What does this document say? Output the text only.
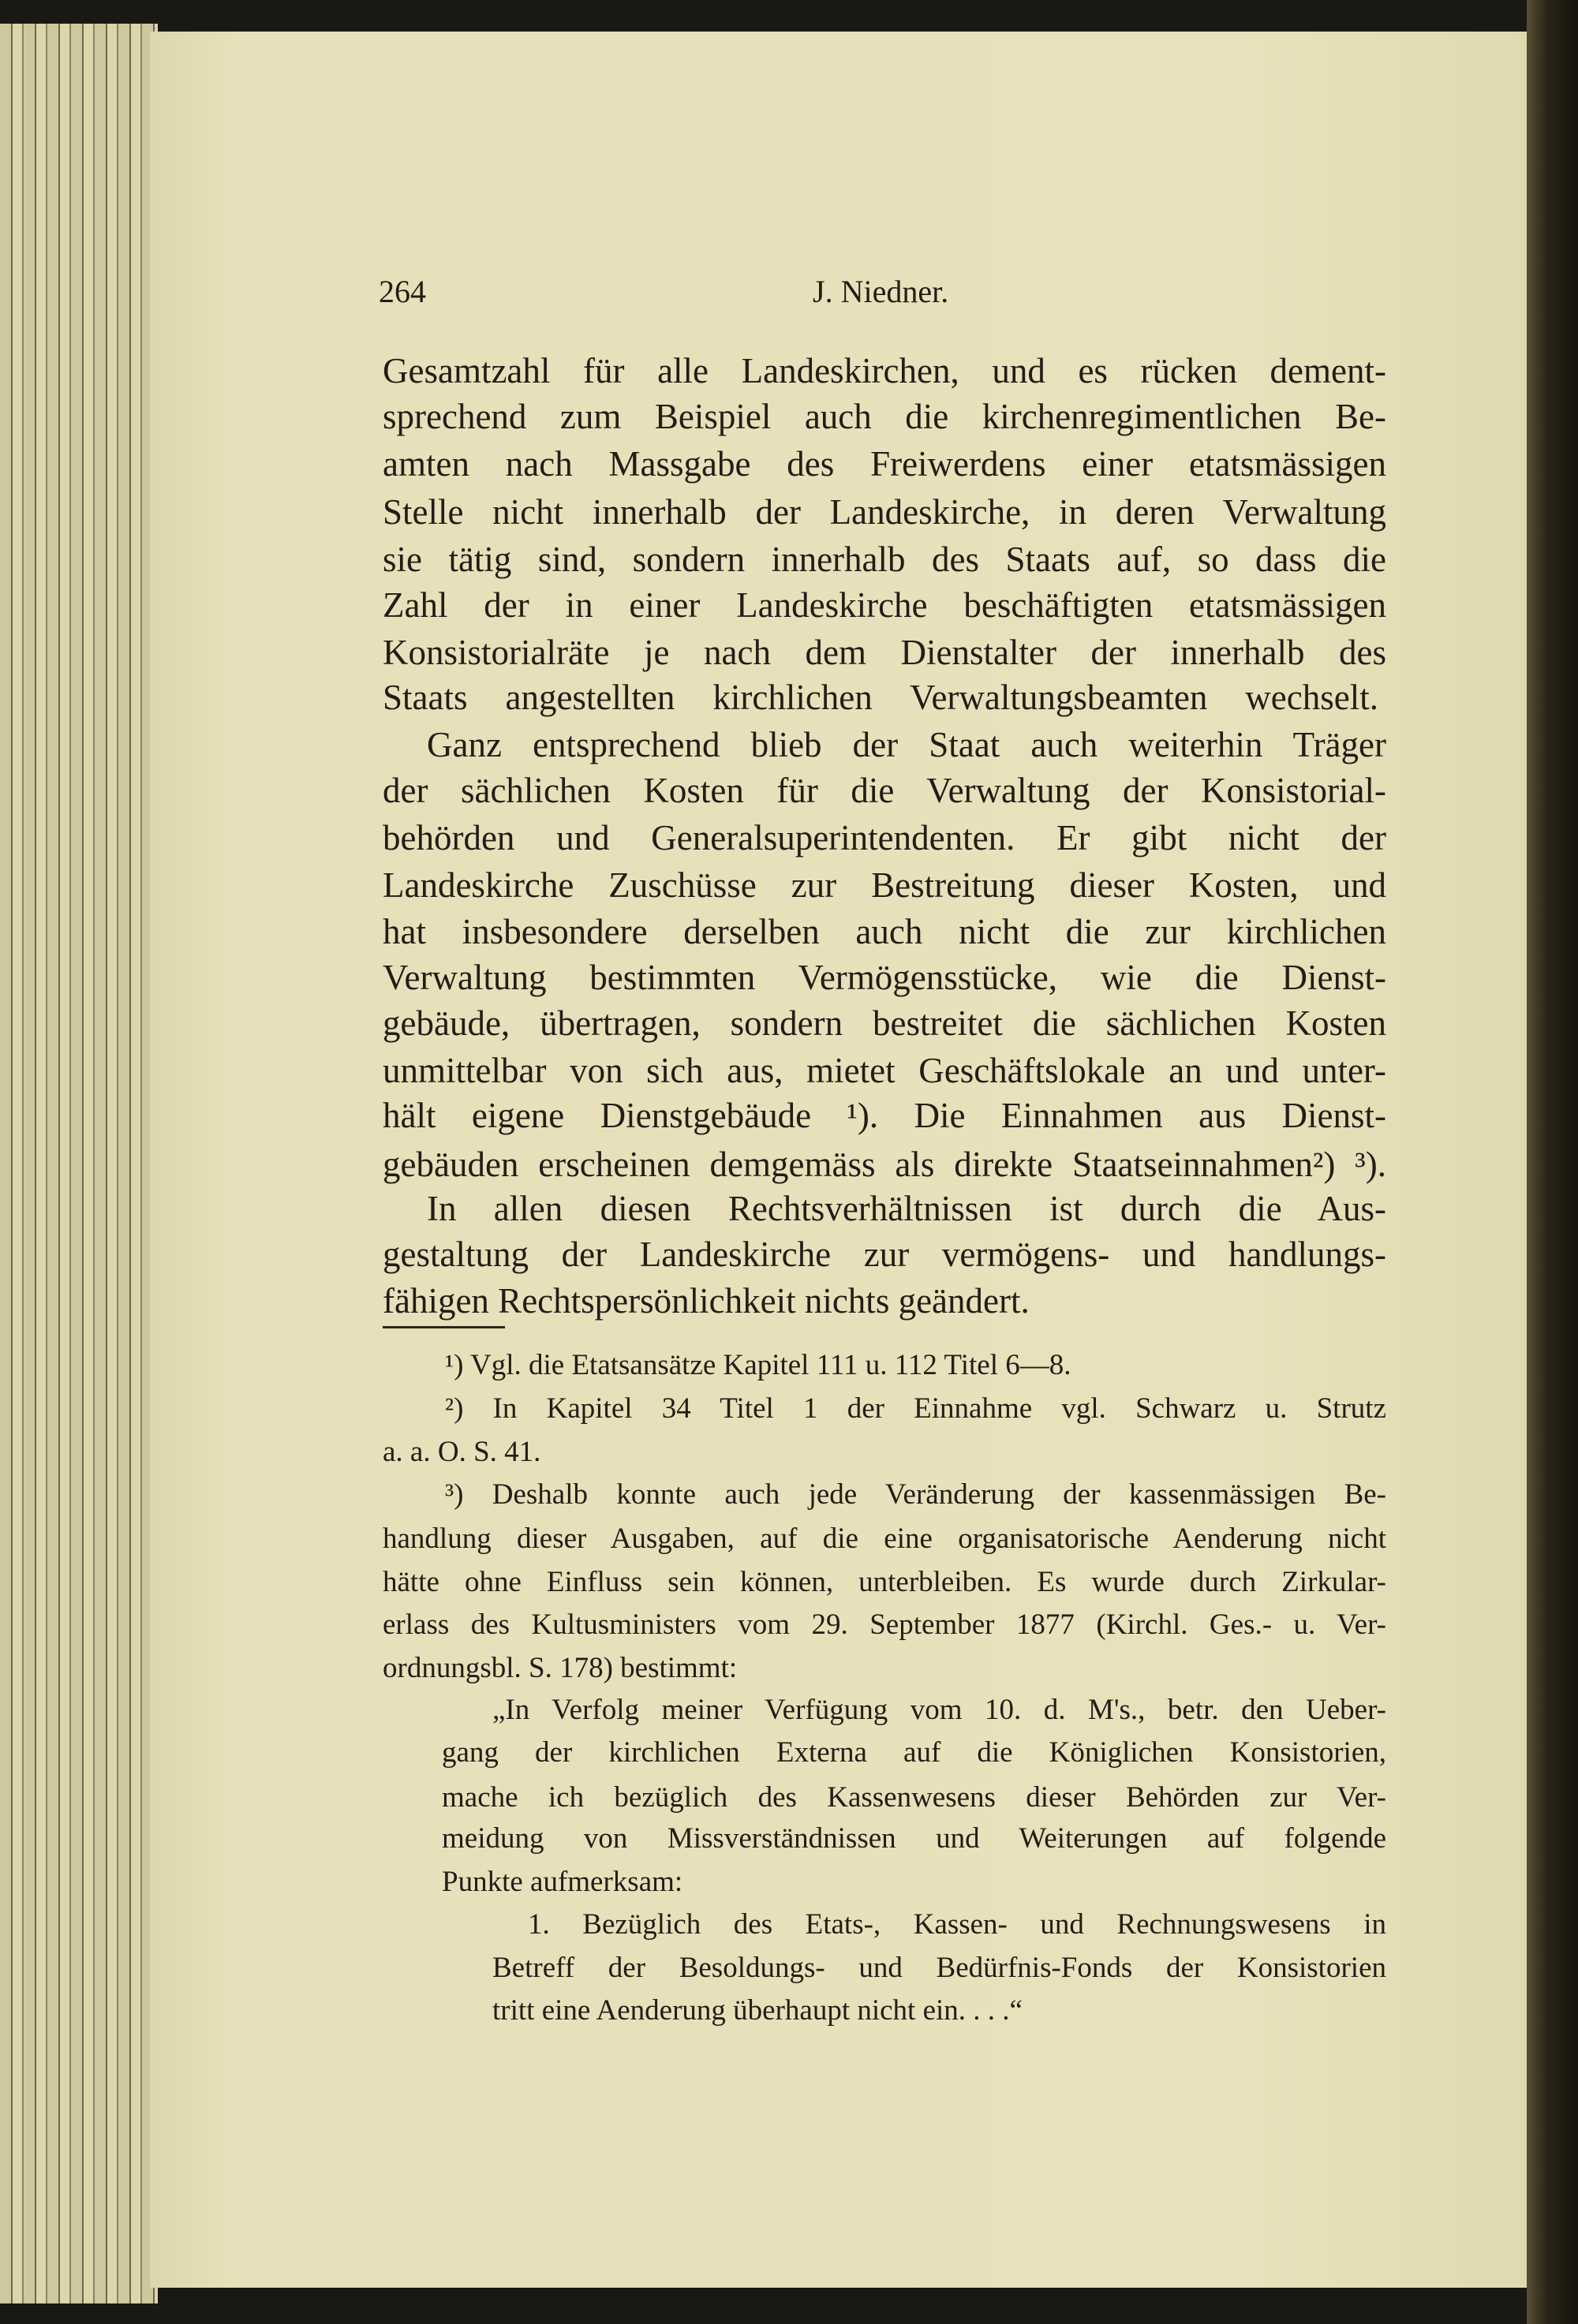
264	J. Niedner.
Gesamtzahl für alle Landeskirchen, und es rücken dement-
sprechend zum Beispiel auch die kirchenregimentlichen Be-
amten nach Massgabe des Freiwerdens einer etatsmässigen
Stelle nicht innerhalb der Landeskirche, in deren Verwaltung
sie tätig sind, sondern innerhalb des Staats auf, so dass die
Zahl der in einer Landeskirche beschäftigten etatsmässigen
Konsistorialräte je nach dem Dienstalter der innerhalb des
Staats angestellten kirchlichen Verwaltungsbeamten wechselt.
Ganz entsprechend blieb der Staat auch weiterhin Träger
der sächlichen Kosten für die Verwaltung der Konsistorial-
behörden und Generalsuperintendenten. Er gibt nicht der
Landeskirche Zuschüsse zur Bestreitung dieser Kosten, und
hat insbesondere derselben auch nicht die zur kirchlichen
Verwaltung bestimmten Vermögensstücke, wie die Dienst-
gebäude, übertragen, sondern bestreitet die sächlichen Kosten
unmittelbar von sich aus, mietet Geschäftslokale an und unter-
hält eigene Dienstgebäude ¹). Die Einnahmen aus Dienst-
gebäuden erscheinen demgemäss als direkte Staatseinnahmen²) ³).
In allen diesen Rechtsverhältnissen ist durch die Aus-
gestaltung der Landeskirche zur vermögens- und handlungs-
fähigen Rechtspersönlichkeit nichts geändert.
¹) Vgl. die Etatsansätze Kapitel 111 u. 112 Titel 6—8.
²) In Kapitel 34 Titel 1 der Einnahme vgl. Schwarz u. Strutz
a. a. O. S. 41.
³) Deshalb konnte auch jede Veränderung der kassenmässigen Be-
handlung dieser Ausgaben, auf die eine organisatorische Aenderung nicht
hätte ohne Einfluss sein können, unterbleiben. Es wurde durch Zirkular-
erlass des Kultusministers vom 29. September 1877 (Kirchl. Ges.- u. Ver-
ordnungsbl. S. 178) bestimmt:
„In Verfolg meiner Verfügung vom 10. d. M's., betr. den Ueber-
gang der kirchlichen Externa auf die Königlichen Konsistorien,
mache ich bezüglich des Kassenwesens dieser Behörden zur Ver-
meidung von Missverständnissen und Weiterungen auf folgende
Punkte aufmerksam:
1. Bezüglich des Etats-, Kassen- und Rechnungswesens in
Betreff der Besoldungs- und Bedürfnis-Fonds der Konsistorien
tritt eine Aenderung überhaupt nicht ein. . . .“
